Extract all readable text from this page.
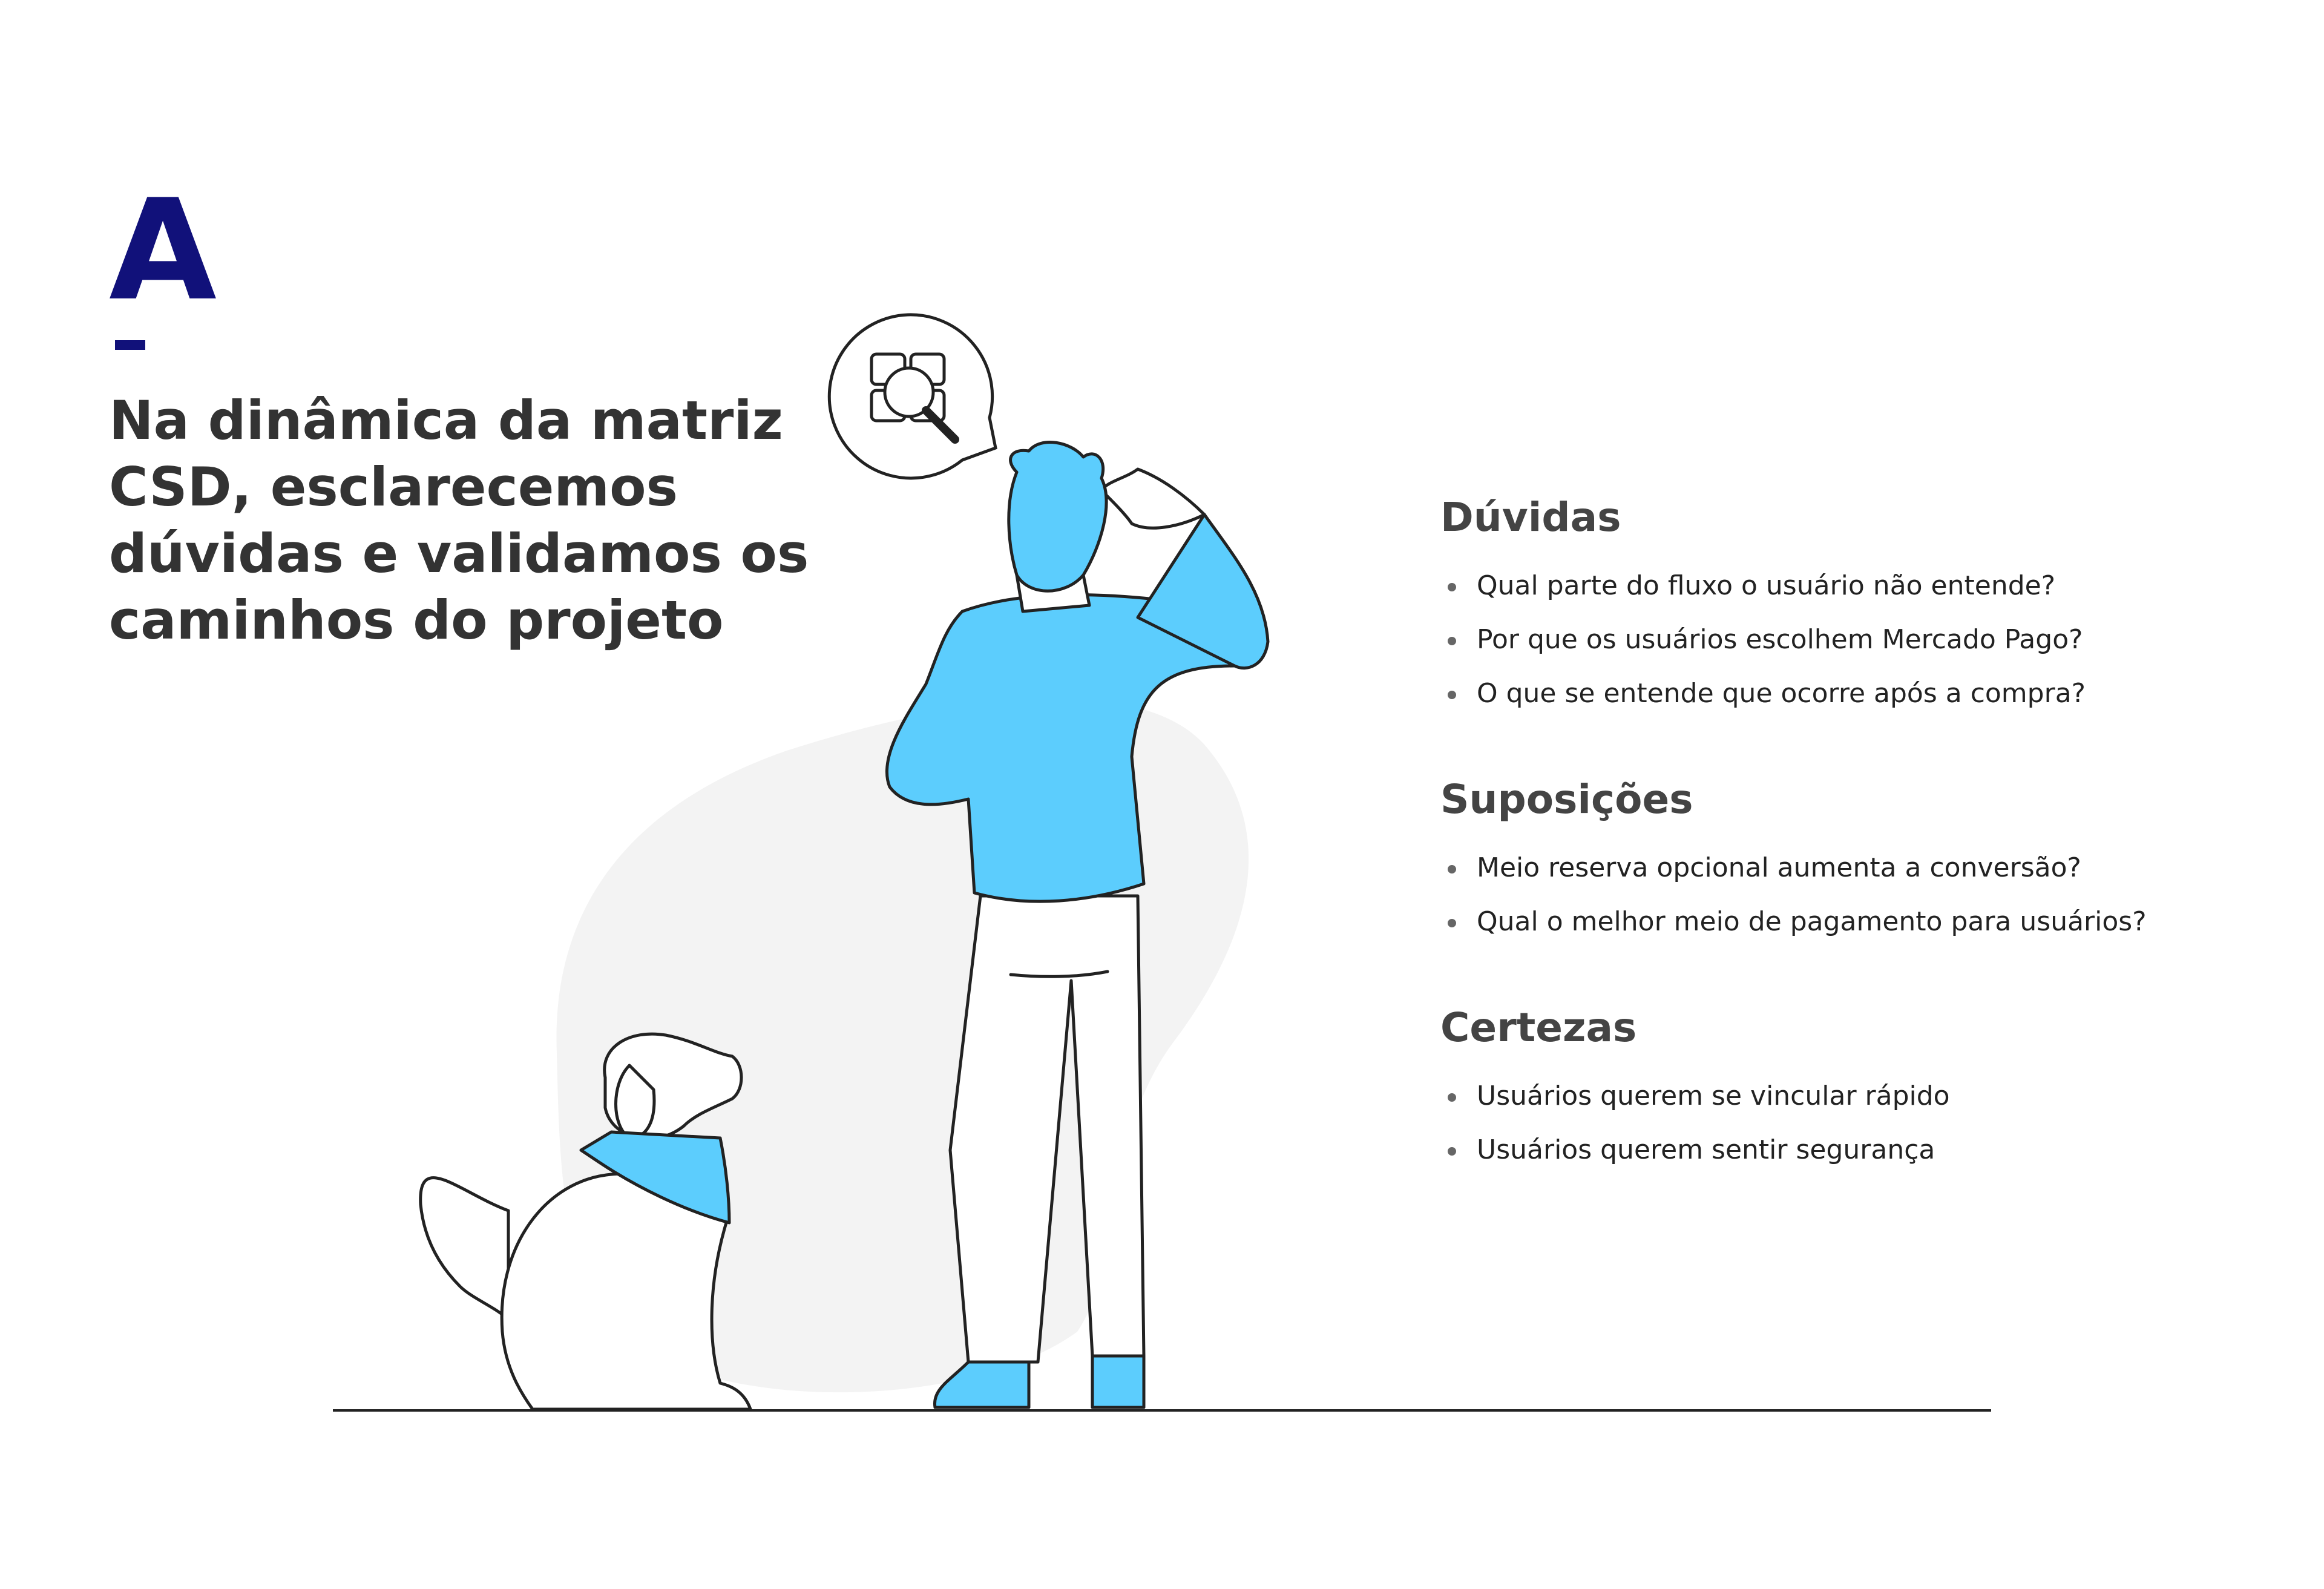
A
Na dinâmica da matriz CSD, esclarecemos dúvidas e validamos os caminhos do projeto
Dúvidas
Qual parte do fluxo o usuário não entende?
Por que os usuários escolhem Mercado Pago?
O que se entende que ocorre após a compra?
Suposições
Meio reserva opcional aumenta a conversão?
Qual o melhor meio de pagamento para usuários?
Certezas
Usuários querem se vincular rápido
Usuários querem sentir segurança
